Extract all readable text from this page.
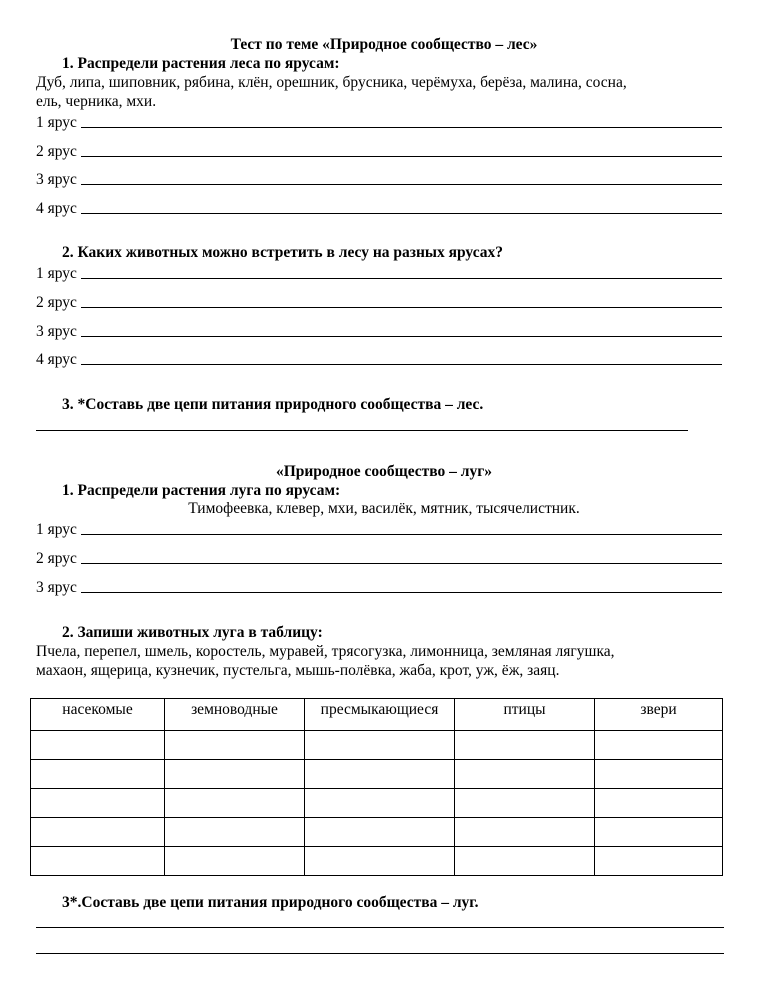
Тест по теме «Природное сообщество – лес»
1. Распредели растения леса по ярусам:
Дуб, липа, шиповник, рябина, клён, орешник, брусника, черёмуха, берёза, малина, сосна,
ель, черника, мхи.
1 ярус
2 ярус
3 ярус
4 ярус
2. Каких животных можно встретить в лесу на разных ярусах?
1 ярус
2 ярус
3 ярус
4 ярус
3. *Составь две цепи питания природного сообщества – лес.
«Природное сообщество – луг»
1. Распредели растения луга по ярусам:
Тимофеевка, клевер, мхи, василёк, мятник, тысячелистник.
1 ярус
2 ярус
3 ярус
2. Запиши животных луга в таблицу:
Пчела, перепел, шмель, коростель, муравей, трясогузка, лимонница, земляная лягушка,
махаон, ящерица, кузнечик, пустельга, мышь-полёвка, жаба, крот, уж, ёж, заяц.
насекомые	земноводные	пресмыкающиеся	птицы	звери

3*.Составь две цепи питания природного сообщества – луг.
